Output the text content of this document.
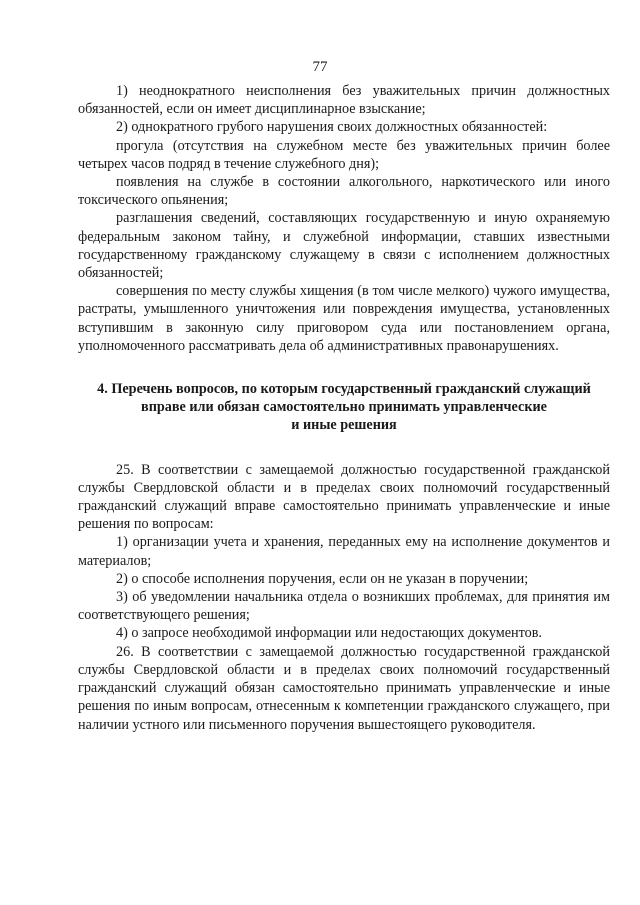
77

1) неоднократного неисполнения без уважительных причин должностных обязанностей, если он имеет дисциплинарное взыскание;

2) однократного грубого нарушения своих должностных обязанностей:

прогула (отсутствия на служебном месте без уважительных причин более четырех часов подряд в течение служебного дня);

появления на службе в состоянии алкогольного, наркотического или иного токсического опьянения;

разглашения сведений, составляющих государственную и иную охраняемую федеральным законом тайну, и служебной информации, ставших известными государственному гражданскому служащему в связи с исполнением должностных обязанностей;

совершения по месту службы хищения (в том числе мелкого) чужого имущества, растраты, умышленного уничтожения или повреждения имущества, установленных вступившим в законную силу приговором суда или постановлением органа, уполномоченного рассматривать дела об административных правонарушениях.

4. Перечень вопросов, по которым государственный гражданский служащий
вправе или обязан самостоятельно принимать управленческие
и иные решения

25. В соответствии с замещаемой должностью государственной гражданской службы Свердловской области и в пределах своих полномочий государственный гражданский служащий вправе самостоятельно принимать управленческие и иные решения по вопросам:

1) организации учета и хранения, переданных ему на исполнение документов и материалов;

2) о способе исполнения поручения, если он не указан в поручении;

3) об уведомлении начальника отдела о возникших проблемах, для принятия им соответствующего решения;

4) о запросе необходимой информации или недостающих документов.

26. В соответствии с замещаемой должностью государственной гражданской службы Свердловской области и в пределах своих полномочий государственный гражданский служащий обязан самостоятельно принимать управленческие и иные решения по иным вопросам, отнесенным к компетенции гражданского служащего, при наличии устного или письменного поручения вышестоящего руководителя.
